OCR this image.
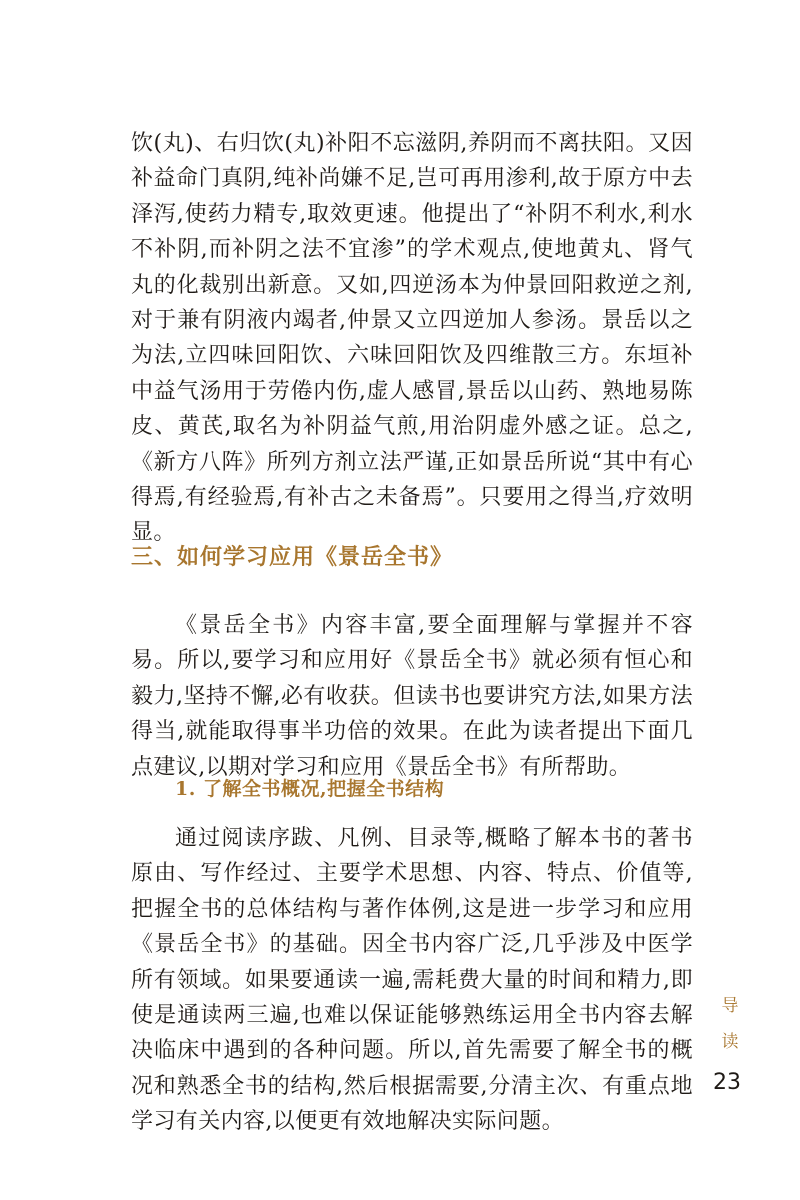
饮(丸)、右归饮(丸)补阳不忘滋阴,养阴而不离扶阳。又因补益命门真阴,纯补尚嫌不足,岂可再用渗利,故于原方中去泽泻,使药力精专,取效更速。他提出了“补阴不利水,利水不补阴,而补阴之法不宜渗”的学术观点,使地黄丸、肾气丸的化裁别出新意。又如,四逆汤本为仲景回阳救逆之剂,对于兼有阴液内竭者,仲景又立四逆加人参汤。景岳以之为法,立四味回阳饮、六味回阳饮及四维散三方。东垣补中益气汤用于劳倦内伤,虚人感冒,景岳以山药、熟地易陈皮、黄芪,取名为补阴益气煎,用治阴虚外感之证。总之,《新方八阵》所列方剂立法严谨,正如景岳所说“其中有心得焉,有经验焉,有补古之未备焉”。只要用之得当,疗效明显。

三、如何学习应用《景岳全书》

《景岳全书》内容丰富,要全面理解与掌握并不容易。所以,要学习和应用好《景岳全书》就必须有恒心和毅力,坚持不懈,必有收获。但读书也要讲究方法,如果方法得当,就能取得事半功倍的效果。在此为读者提出下面几点建议,以期对学习和应用《景岳全书》有所帮助。

1. 了解全书概况,把握全书结构

通过阅读序跋、凡例、目录等,概略了解本书的著书原由、写作经过、主要学术思想、内容、特点、价值等,把握全书的总体结构与著作体例,这是进一步学习和应用《景岳全书》的基础。因全书内容广泛,几乎涉及中医学所有领域。如果要通读一遍,需耗费大量的时间和精力,即使是通读两三遍,也难以保证能够熟练运用全书内容去解决临床中遇到的各种问题。所以,首先需要了解全书的概况和熟悉全书的结构,然后根据需要,分清主次、有重点地学习有关内容,以便更有效地解决实际问题。

导读
23
